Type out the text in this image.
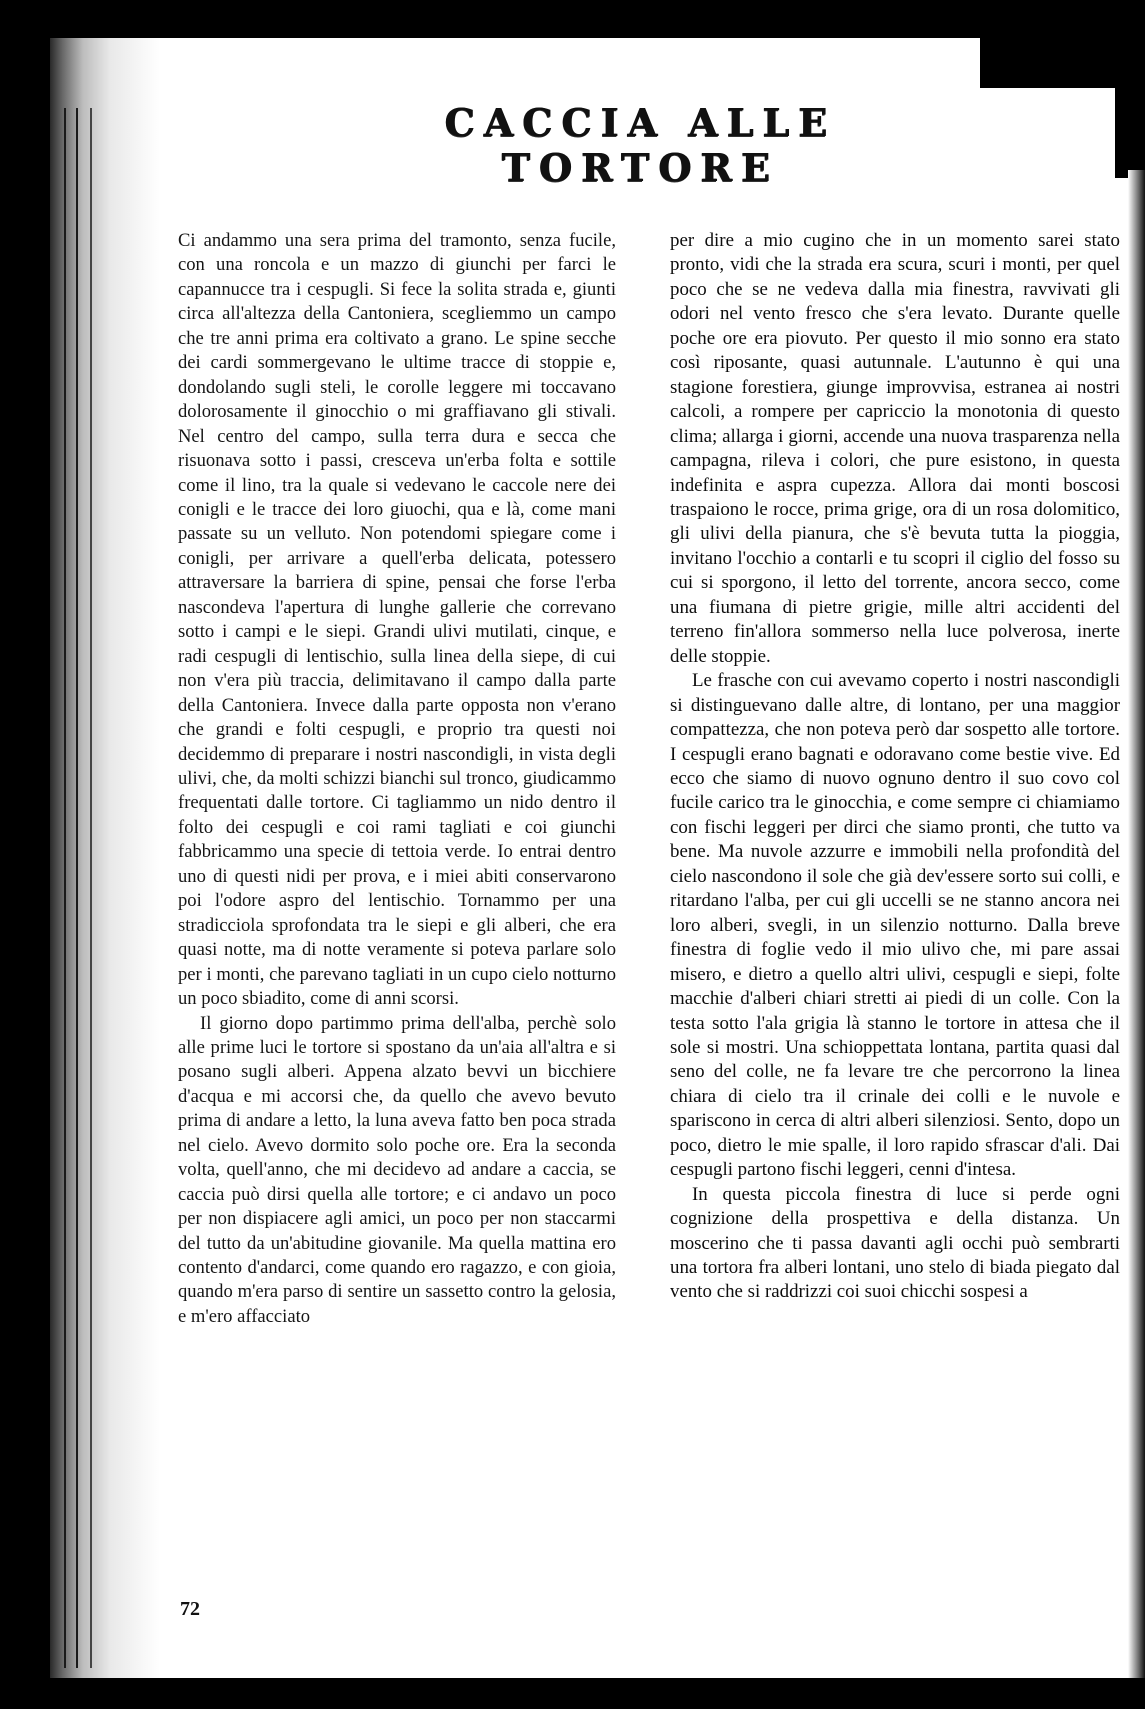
CACCIA ALLE TORTORE

Ci andammo una sera prima del tramonto, senza fucile, con una roncola e un mazzo di giunchi per farci le capannucce tra i cespugli. Si fece la solita strada e, giunti circa all'altezza della Cantoniera, scegliemmo un campo che tre anni prima era coltivato a grano. Le spine secche dei cardi sommergevano le ultime tracce di stoppie e, dondolando sugli steli, le corolle leggere mi toccavano dolorosamente il ginocchio o mi graffiavano gli stivali. Nel centro del campo, sulla terra dura e secca che risuonava sotto i passi, cresceva un'erba folta e sottile come il lino, tra la quale si vedevano le caccole nere dei conigli e le tracce dei loro giuochi, qua e là, come mani passate su un velluto. Non potendomi spiegare come i conigli, per arrivare a quell'erba delicata, potessero attraversare la barriera di spine, pensai che forse l'erba nascondeva l'apertura di lunghe gallerie che correvano sotto i campi e le siepi. Grandi ulivi mutilati, cinque, e radi cespugli di lentischio, sulla linea della siepe, di cui non v'era più traccia, delimitavano il campo dalla parte della Cantoniera. Invece dalla parte opposta non v'erano che grandi e folti cespugli, e proprio tra questi noi decidemmo di preparare i nostri nascondigli, in vista degli ulivi, che, da molti schizzi bianchi sul tronco, giudicammo frequentati dalle tortore. Ci tagliammo un nido dentro il folto dei cespugli e coi rami tagliati e coi giunchi fabbricammo una specie di tettoia verde. Io entrai dentro uno di questi nidi per prova, e i miei abiti conservarono poi l'odore aspro del lentischio. Tornammo per una stradicciola sprofondata tra le siepi e gli alberi, che era quasi notte, ma di notte veramente si poteva parlare solo per i monti, che parevano tagliati in un cupo cielo notturno un poco sbiadito, come di anni scorsi.

Il giorno dopo partimmo prima dell'alba, perchè solo alle prime luci le tortore si spostano da un'aia all'altra e si posano sugli alberi. Appena alzato bevvi un bicchiere d'acqua e mi accorsi che, da quello che avevo bevuto prima di andare a letto, la luna aveva fatto ben poca strada nel cielo. Avevo dormito solo poche ore. Era la seconda volta, quell'anno, che mi decidevo ad andare a caccia, se caccia può dirsi quella alle tortore; e ci andavo un poco per non dispiacere agli amici, un poco per non staccarmi del tutto da un'abitudine giovanile. Ma quella mattina ero contento d'andarci, come quando ero ragazzo, e con gioia, quando m'era parso di sentire un sassetto contro la gelosia, e m'ero affacciato

per dire a mio cugino che in un momento sarei stato pronto, vidi che la strada era scura, scuri i monti, per quel poco che se ne vedeva dalla mia finestra, ravvivati gli odori nel vento fresco che s'era levato. Durante quelle poche ore era piovuto. Per questo il mio sonno era stato così riposante, quasi autunnale. L'autunno è qui una stagione forestiera, giunge improvvisa, estranea ai nostri calcoli, a rompere per capriccio la monotonia di questo clima; allarga i giorni, accende una nuova trasparenza nella campagna, rileva i colori, che pure esistono, in questa indefinita e aspra cupezza. Allora dai monti boscosi traspaiono le rocce, prima grige, ora di un rosa dolomitico, gli ulivi della pianura, che s'è bevuta tutta la pioggia, invitano l'occhio a contarli e tu scopri il ciglio del fosso su cui si sporgono, il letto del torrente, ancora secco, come una fiumana di pietre grigie, mille altri accidenti del terreno fin'allora sommerso nella luce polverosa, inerte delle stoppie.

Le frasche con cui avevamo coperto i nostri nascondigli si distinguevano dalle altre, di lontano, per una maggior compattezza, che non poteva però dar sospetto alle tortore. I cespugli erano bagnati e odoravano come bestie vive. Ed ecco che siamo di nuovo ognuno dentro il suo covo col fucile carico tra le ginocchia, e come sempre ci chiamiamo con fischi leggeri per dirci che siamo pronti, che tutto va bene. Ma nuvole azzurre e immobili nella profondità del cielo nascondono il sole che già dev'essere sorto sui colli, e ritardano l'alba, per cui gli uccelli se ne stanno ancora nei loro alberi, svegli, in un silenzio notturno. Dalla breve finestra di foglie vedo il mio ulivo che, mi pare assai misero, e dietro a quello altri ulivi, cespugli e siepi, folte macchie d'alberi chiari stretti ai piedi di un colle. Con la testa sotto l'ala grigia là stanno le tortore in attesa che il sole si mostri. Una schioppettata lontana, partita quasi dal seno del colle, ne fa levare tre che percorrono la linea chiara di cielo tra il crinale dei colli e le nuvole e spariscono in cerca di altri alberi silenziosi. Sento, dopo un poco, dietro le mie spalle, il loro rapido sfrascar d'ali. Dai cespugli partono fischi leggeri, cenni d'intesa.

In questa piccola finestra di luce si perde ogni cognizione della prospettiva e della distanza. Un moscerino che ti passa davanti agli occhi può sembrarti una tortora fra alberi lontani, uno stelo di biada piegato dal vento che si raddrizzi coi suoi chicchi sospesi a

72
